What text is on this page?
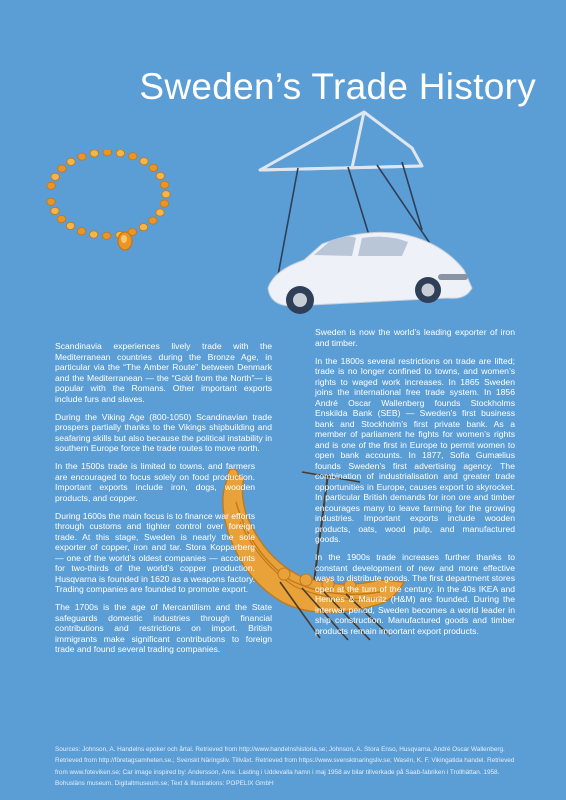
Sweden’s Trade History

Scandinavia experiences lively trade with the Mediterranean countries during the Bronze Age, in particular via the “The Amber Route” between Denmark and the Mediterranean — the “Gold from the North”— is popular with the Romans. Other important exports include furs and slaves.

During the Viking Age (800-1050) Scandinavian trade prospers partially thanks to the Vikings shipbuilding and seafaring skills but also because the political instability in southern Europe force the trade routes to move north.

In the 1500s trade is limited to towns, and farmers are encouraged to focus solely on food production. Important exports include iron, dogs, wooden products, and copper.

During 1600s the main focus is to finance war efforts through customs and tighter control over foreign trade. At this stage, Sweden is nearly the sole exporter of copper, iron and tar. Stora Kopparberg — one of the world’s oldest companies — accounts for two-thirds of the world’s copper production. Husqvarna is founded in 1620 as a weapons factory. Trading companies are founded to promote export.

The 1700s is the age of Mercantilism and the State safeguards domestic industries through financial contributions and restrictions on import. British immigrants make significant contributions to foreign trade and found several trading companies.

Sweden is now the world’s leading exporter of iron and timber.

In the 1800s several restrictions on trade are lifted; trade is no longer confined to towns, and women’s rights to waged work increases. In 1865 Sweden joins the international free trade system. In 1856 André Oscar Wallenberg founds Stockholms Enskilda Bank (SEB) — Sweden’s first business bank and Stockholm’s first private bank. As a member of parliament he fights for women’s rights and is one of the first in Europe to permit women to open bank accounts. In 1877, Sofia Gumælius founds Sweden’s first advertising agency. The combination of industrialisation and greater trade opportunities in Europe, causes export to skyrocket. In particular British demands for iron ore and timber encourages many to leave farming for the growing industries. Important exports include wooden products, oats, wood pulp, and manufactured goods.

In the 1900s trade increases further thanks to constant development of new and more effective ways to distribute goods. The first department stores open at the turn of the century. In the 40s IKEA and Hennes & Mauritz (H&M) are founded. During the interwar period, Sweden becomes a world leader in ship construction. Manufactured goods and timber products remain important export products.

Sources: Johnson, A. Handelns epoker och årtal. Retrieved from http://www.handelnshistoria.se; Johnson, A. Stora Enso, Husqvarna, André Oscar Wallenberg. Retrieved from http://företagsamheten.se.; Svenskt Näringsliv. Tillväxt. Retrieved from https://www.svensktnaringsliv.se; Wasén, K. F. Vikingatida handel. Retrieved from www.foteviken.se; Car image inspired by: Andersson, Arne. Lasting i Uddevalla hamn i maj 1958 av bilar tillverkade på Saab-fabriken i Trollhättan. 1958. Bohusläns museum. Digitaltmuseum.se; Text & Illustrations: POPELIX GmbH
